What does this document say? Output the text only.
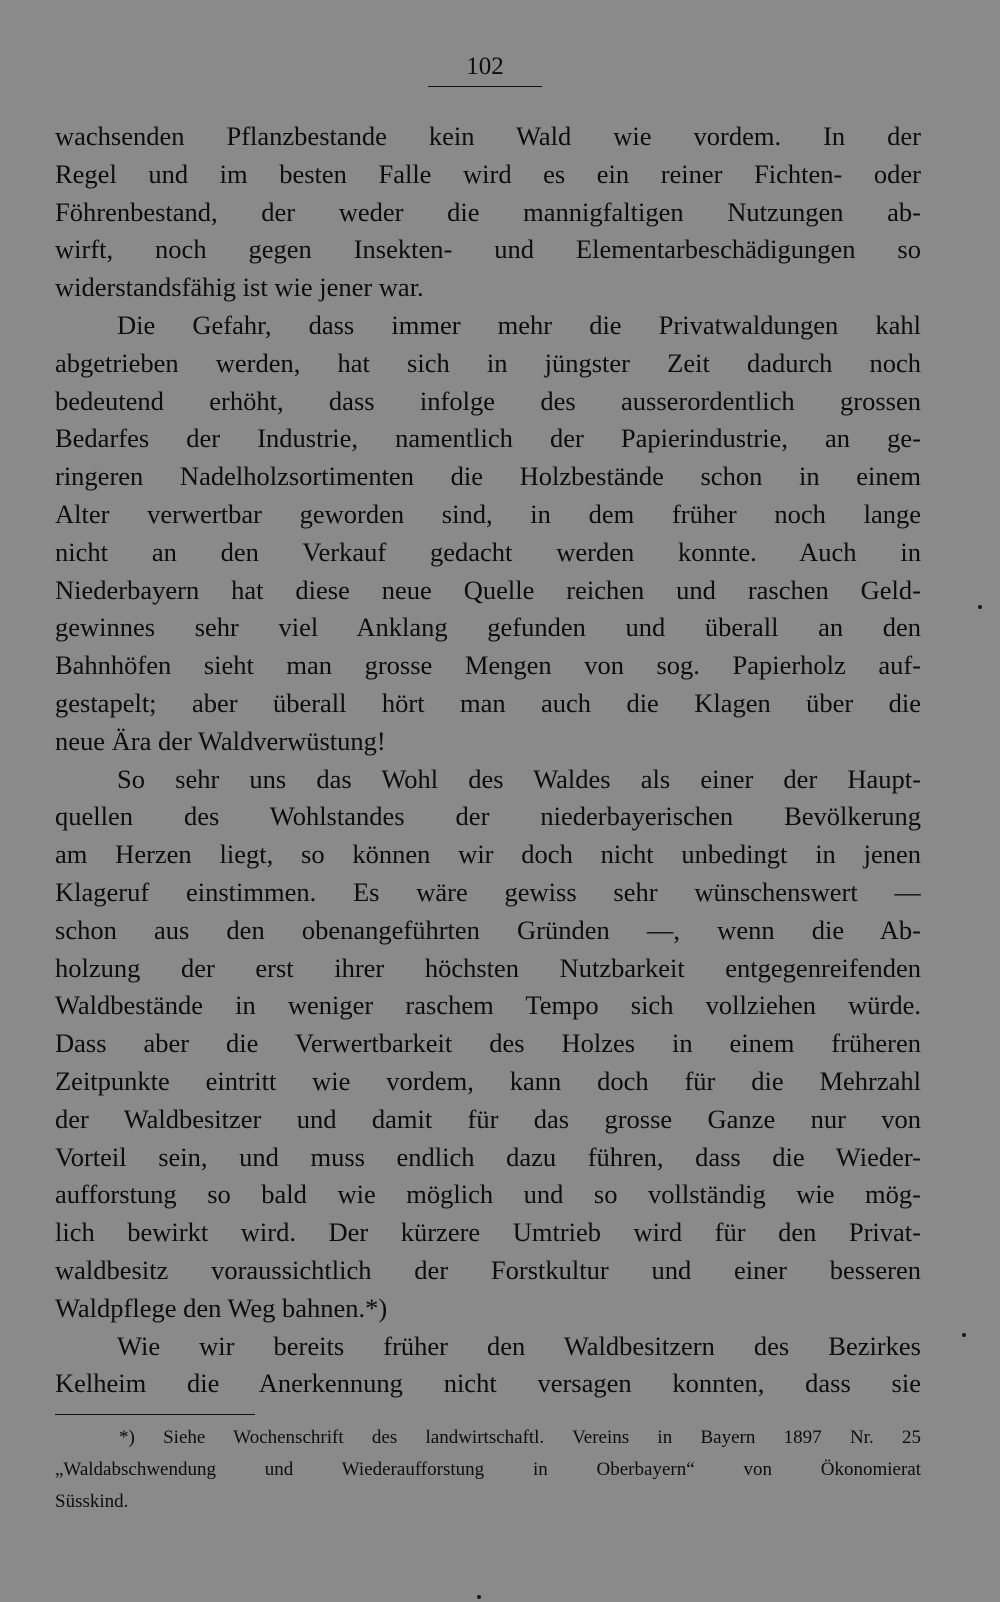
102
wachsenden Pflanzbestande kein Wald wie vordem. In der
Regel und im besten Falle wird es ein reiner Fichten- oder
Föhrenbestand, der weder die mannigfaltigen Nutzungen ab-
wirft, noch gegen Insekten- und Elementarbeschädigungen so
widerstandsfähig ist wie jener war.
Die Gefahr, dass immer mehr die Privatwaldungen kahl
abgetrieben werden, hat sich in jüngster Zeit dadurch noch
bedeutend erhöht, dass infolge des ausserordentlich grossen
Bedarfes der Industrie, namentlich der Papierindustrie, an ge-
ringeren Nadelholzsortimenten die Holzbestände schon in einem
Alter verwertbar geworden sind, in dem früher noch lange
nicht an den Verkauf gedacht werden konnte. Auch in
Niederbayern hat diese neue Quelle reichen und raschen Geld-
gewinnes sehr viel Anklang gefunden und überall an den
Bahnhöfen sieht man grosse Mengen von sog. Papierholz auf-
gestapelt; aber überall hört man auch die Klagen über die
neue Ära der Waldverwüstung!
So sehr uns das Wohl des Waldes als einer der Haupt-
quellen des Wohlstandes der niederbayerischen Bevölkerung
am Herzen liegt, so können wir doch nicht unbedingt in jenen
Klageruf einstimmen. Es wäre gewiss sehr wünschenswert —
schon aus den obenangeführten Gründen —, wenn die Ab-
holzung der erst ihrer höchsten Nutzbarkeit entgegenreifenden
Waldbestände in weniger raschem Tempo sich vollziehen würde.
Dass aber die Verwertbarkeit des Holzes in einem früheren
Zeitpunkte eintritt wie vordem, kann doch für die Mehrzahl
der Waldbesitzer und damit für das grosse Ganze nur von
Vorteil sein, und muss endlich dazu führen, dass die Wieder-
aufforstung so bald wie möglich und so vollständig wie mög-
lich bewirkt wird. Der kürzere Umtrieb wird für den Privat-
waldbesitz voraussichtlich der Forstkultur und einer besseren
Waldpflege den Weg bahnen.*)
Wie wir bereits früher den Waldbesitzern des Bezirkes
Kelheim die Anerkennung nicht versagen konnten, dass sie
*) Siehe Wochenschrift des landwirtschaftl. Vereins in Bayern 1897 Nr. 25
„Waldabschwendung und Wiederaufforstung in Oberbayern“ von Ökonomierat
Süsskind.
